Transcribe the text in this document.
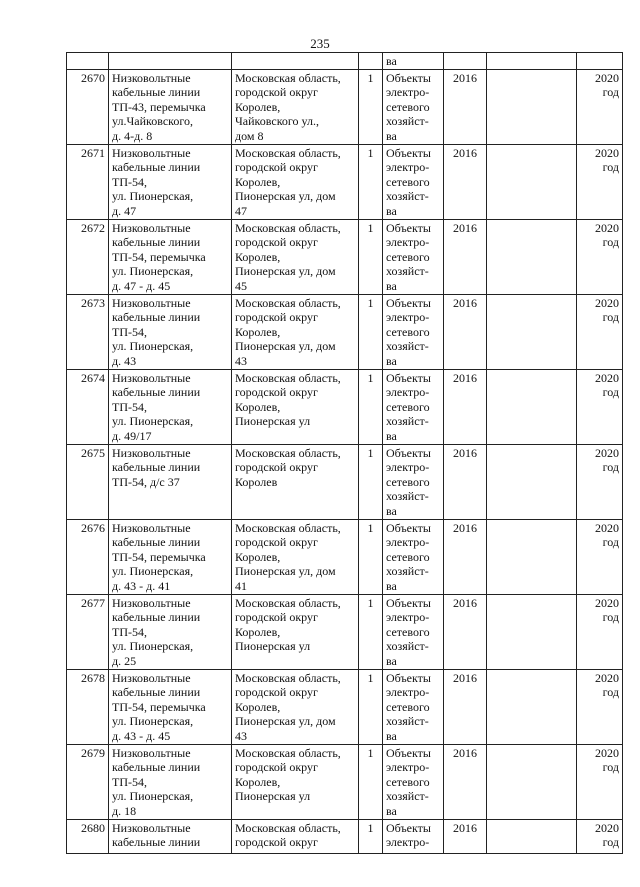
235
				ва			
2670	Низковольтные
кабельные линии
ТП-43, перемычка
ул.Чайковского,
д. 4-д. 8	Московская область,
городской округ
Королев,
Чайковского ул.,
дом 8	1	Объекты
электро-
сетевого
хозяйст-
ва	2016		2020
год
2671	Низковольтные
кабельные линии
ТП-54,
ул. Пионерская,
д. 47	Московская область,
городской округ
Королев,
Пионерская ул, дом
47	1	Объекты
электро-
сетевого
хозяйст-
ва	2016		2020
год
2672	Низковольтные
кабельные линии
ТП-54, перемычка
ул. Пионерская,
д. 47 - д. 45	Московская область,
городской округ
Королев,
Пионерская ул, дом
45	1	Объекты
электро-
сетевого
хозяйст-
ва	2016		2020
год
2673	Низковольтные
кабельные линии
ТП-54,
ул. Пионерская,
д. 43	Московская область,
городской округ
Королев,
Пионерская ул, дом
43	1	Объекты
электро-
сетевого
хозяйст-
ва	2016		2020
год
2674	Низковольтные
кабельные линии
ТП-54,
ул. Пионерская,
д. 49/17	Московская область,
городской округ
Королев,
Пионерская ул	1	Объекты
электро-
сетевого
хозяйст-
ва	2016		2020
год
2675	Низковольтные
кабельные линии
ТП-54, д/с 37	Московская область,
городской округ
Королев	1	Объекты
электро-
сетевого
хозяйст-
ва	2016		2020
год
2676	Низковольтные
кабельные линии
ТП-54, перемычка
ул. Пионерская,
д. 43 - д. 41	Московская область,
городской округ
Королев,
Пионерская ул, дом
41	1	Объекты
электро-
сетевого
хозяйст-
ва	2016		2020
год
2677	Низковольтные
кабельные линии
ТП-54,
ул. Пионерская,
д. 25	Московская область,
городской округ
Королев,
Пионерская ул	1	Объекты
электро-
сетевого
хозяйст-
ва	2016		2020
год
2678	Низковольтные
кабельные линии
ТП-54, перемычка
ул. Пионерская,
д. 43 - д. 45	Московская область,
городской округ
Королев,
Пионерская ул, дом
43	1	Объекты
электро-
сетевого
хозяйст-
ва	2016		2020
год
2679	Низковольтные
кабельные линии
ТП-54,
ул. Пионерская,
д. 18	Московская область,
городской округ
Королев,
Пионерская ул	1	Объекты
электро-
сетевого
хозяйст-
ва	2016		2020
год
2680	Низковольтные
кабельные линии	Московская область,
городской округ	1	Объекты
электро-	2016		2020
год
